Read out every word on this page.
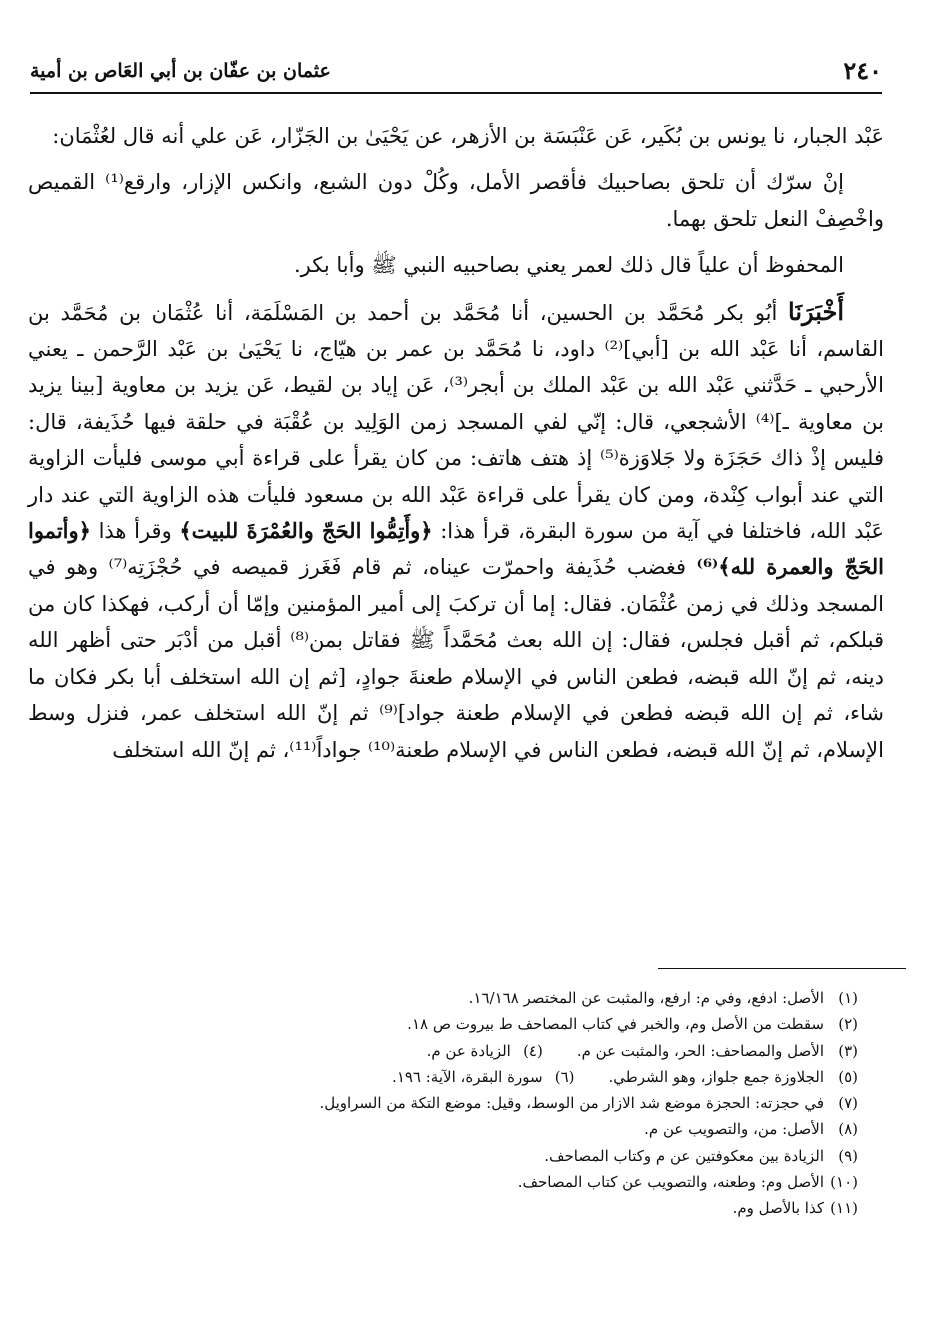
٢٤٠
عثمان بن عفّان بن أبي العَاص بن أمية

عَبْد الجبار، نا يونس بن بُكَير، عَن عَنْبَسَة بن الأزهر، عن يَحْيَىٰ بن الجَزّار، عَن علي أنه قال لعُثْمَان:

إنْ سرّك أن تلحق بصاحبيك فأقصر الأمل، وكُلْ دون الشبع، وانكس الإزار، وارقع⁽¹⁾ القميص واخْصِفْ النعل تلحق بهما.

المحفوظ أن علياً قال ذلك لعمر يعني بصاحبيه النبي ﷺ وأبا بكر.

أَخْبَرَنَا أبُو بكر مُحَمَّد بن الحسين، أنا مُحَمَّد بن أحمد بن المَسْلَمَة، أنا عُثْمَان بن مُحَمَّد بن القاسم، أنا عَبْد الله بن [أبي]⁽²⁾ داود، نا مُحَمَّد بن عمر بن هيّاج، نا يَحْيَىٰ بن عَبْد الرَّحمن ـ يعني الأرحبي ـ حَدَّثني عَبْد الله بن عَبْد الملك بن أبجر⁽³⁾، عَن إياد بن لقيط، عَن يزيد بن معاوية [بينا يزيد بن معاوية ـ]⁽⁴⁾ الأشجعي، قال: إنّي لفي المسجد زمن الوَلِيد بن عُقْبَة في حلقة فيها حُذَيفة، قال: فليس إذْ ذاك حَجَزَة ولا جَلاوَزة⁽⁵⁾ إذ هتف هاتف: من كان يقرأ على قراءة أبي موسى فليأت الزاوية التي عند أبواب كِنْدة، ومن كان يقرأ على قراءة عَبْد الله بن مسعود فليأت هذه الزاوية التي عند دار عَبْد الله، فاختلفا في آية من سورة البقرة، قرأ هذا: ﴿وأَتِمُّوا الحَجّ والعُمْرَةَ للبيت﴾ وقرأ هذا ﴿وأتموا الحَجّ والعمرة لله﴾⁽⁶⁾ فغضب حُذَيفة واحمرّت عيناه، ثم قام فَغَرز قميصه في حُجْزَتِه⁽⁷⁾ وهو في المسجد وذلك في زمن عُثْمَان. فقال: إما أن تركبَ إلى أمير المؤمنين وإمّا أن أركب، فهكذا كان من قبلكم، ثم أقبل فجلس، فقال: إن الله بعث مُحَمَّداً ﷺ فقاتل بمن⁽⁸⁾ أقبل من أدْبَر حتى أظهر الله دينه، ثم إنّ الله قبضه، فطعن الناس في الإسلام طعنةَ جوادٍ، [ثم إن الله استخلف أبا بكر فكان ما شاء، ثم إن الله قبضه فطعن في الإسلام طعنة جواد]⁽⁹⁾ ثم إنّ الله استخلف عمر، فنزل وسط الإسلام، ثم إنّ الله قبضه، فطعن الناس في الإسلام طعنة⁽¹⁰⁾ جواداً⁽¹¹⁾، ثم إنّ الله استخلف

(١)الأصل: ادفع، وفي م: ارفع، والمثبت عن المختصر ١٦/١٦٨.
(٢)سقطت من الأصل وم، والخبر في كتاب المصاحف ط بيروت ص ١٨.
(٣)الأصل والمصاحف: الحر، والمثبت عن م.(٤)الزيادة عن م.
(٥)الجلاوزة جمع جلواز، وهو الشرطي.(٦)سورة البقرة، الآية: ١٩٦.
(٧)في حجزته: الحجزة موضع شد الازار من الوسط، وقيل: موضع التكة من السراويل.
(٨)الأصل: من، والتصويب عن م.
(٩)الزيادة بين معكوفتين عن م وكتاب المصاحف.
(١٠)الأصل وم: وطعنه، والتصويب عن كتاب المصاحف.
(١١)كذا بالأصل وم.
